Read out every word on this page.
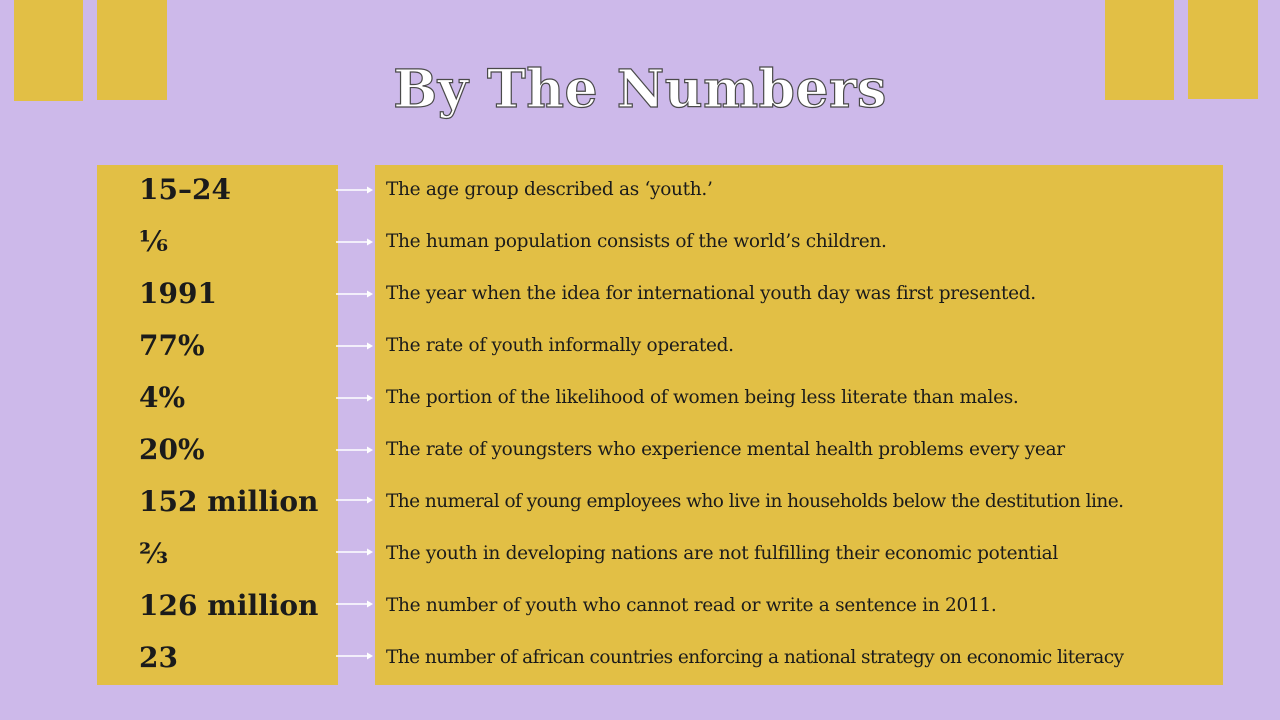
By The Numbers
15–24	The age group described as ‘youth.’
⅙	The human population consists of the world’s children.
1991	The year when the idea for international youth day was first presented.
77%	The rate of youth informally operated.
4%	The portion of the likelihood of women being less literate than males.
20%	The rate of youngsters who experience mental health problems every year
152 million	The numeral of young employees who live in households below the destitution line.
⅔	The youth in developing nations are not fulfilling their economic potential
126 million	The number of youth who cannot read or write a sentence in 2011.
23	The number of african countries enforcing a national strategy on economic literacy
